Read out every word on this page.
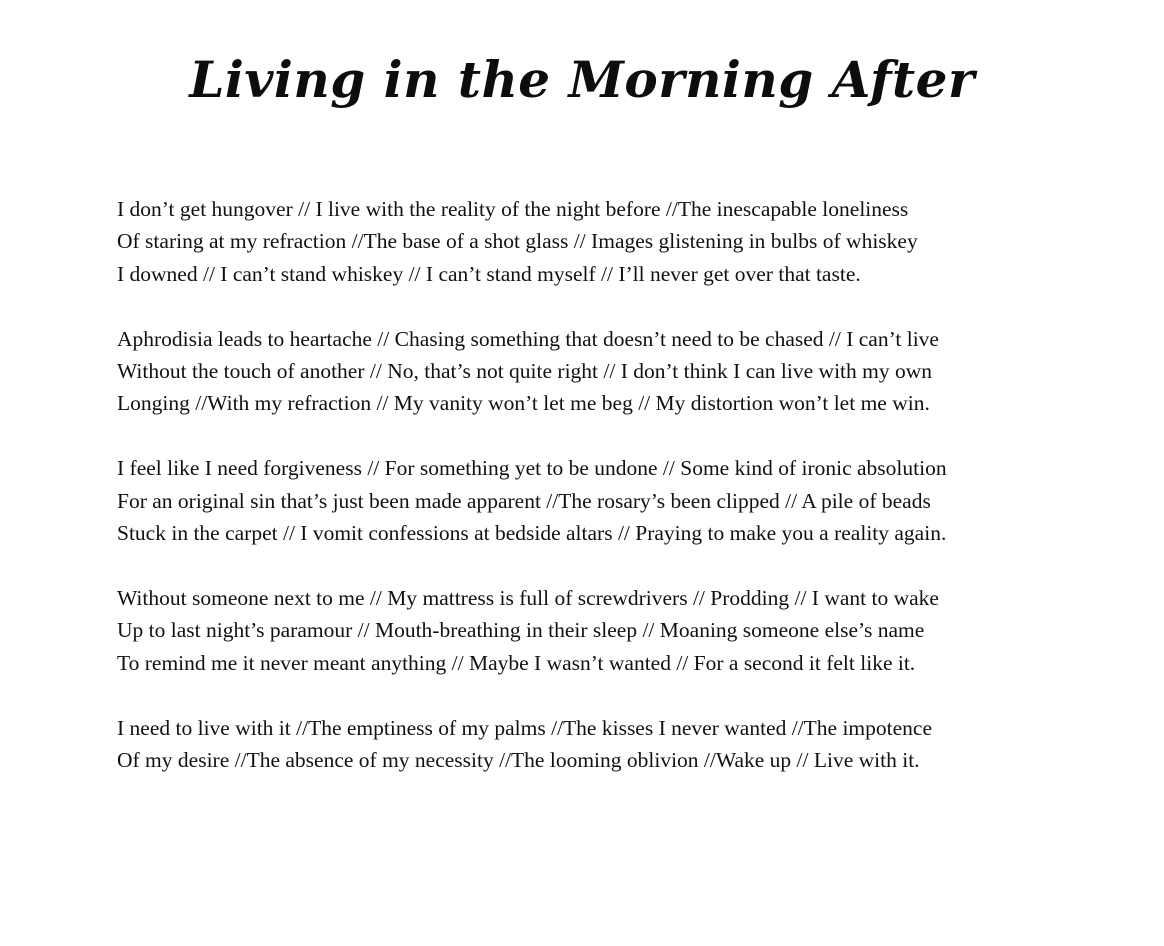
Living in the Morning After
I don’t get hungover // I live with the reality of the night before //The inescapable loneliness
Of staring at my refraction //The base of a shot glass // Images glistening in bulbs of whiskey
I downed // I can’t stand whiskey // I can’t stand myself // I’ll never get over that taste.
Aphrodisia leads to heartache // Chasing something that doesn’t need to be chased // I can’t live
Without the touch of another // No, that’s not quite right // I don’t think I can live with my own
Longing //With my refraction // My vanity won’t let me beg // My distortion won’t let me win.
I feel like I need forgiveness // For something yet to be undone // Some kind of ironic absolution
For an original sin that’s just been made apparent //The rosary’s been clipped // A pile of beads
Stuck in the carpet // I vomit confessions at bedside altars // Praying to make you a reality again.
Without someone next to me // My mattress is full of screwdrivers // Prodding // I want to wake
Up to last night’s paramour // Mouth-breathing in their sleep // Moaning someone else’s name
To remind me it never meant anything // Maybe I wasn’t wanted // For a second it felt like it.
I need to live with it //The emptiness of my palms //The kisses I never wanted //The impotence
Of my desire //The absence of my necessity //The looming oblivion //Wake up // Live with it.
